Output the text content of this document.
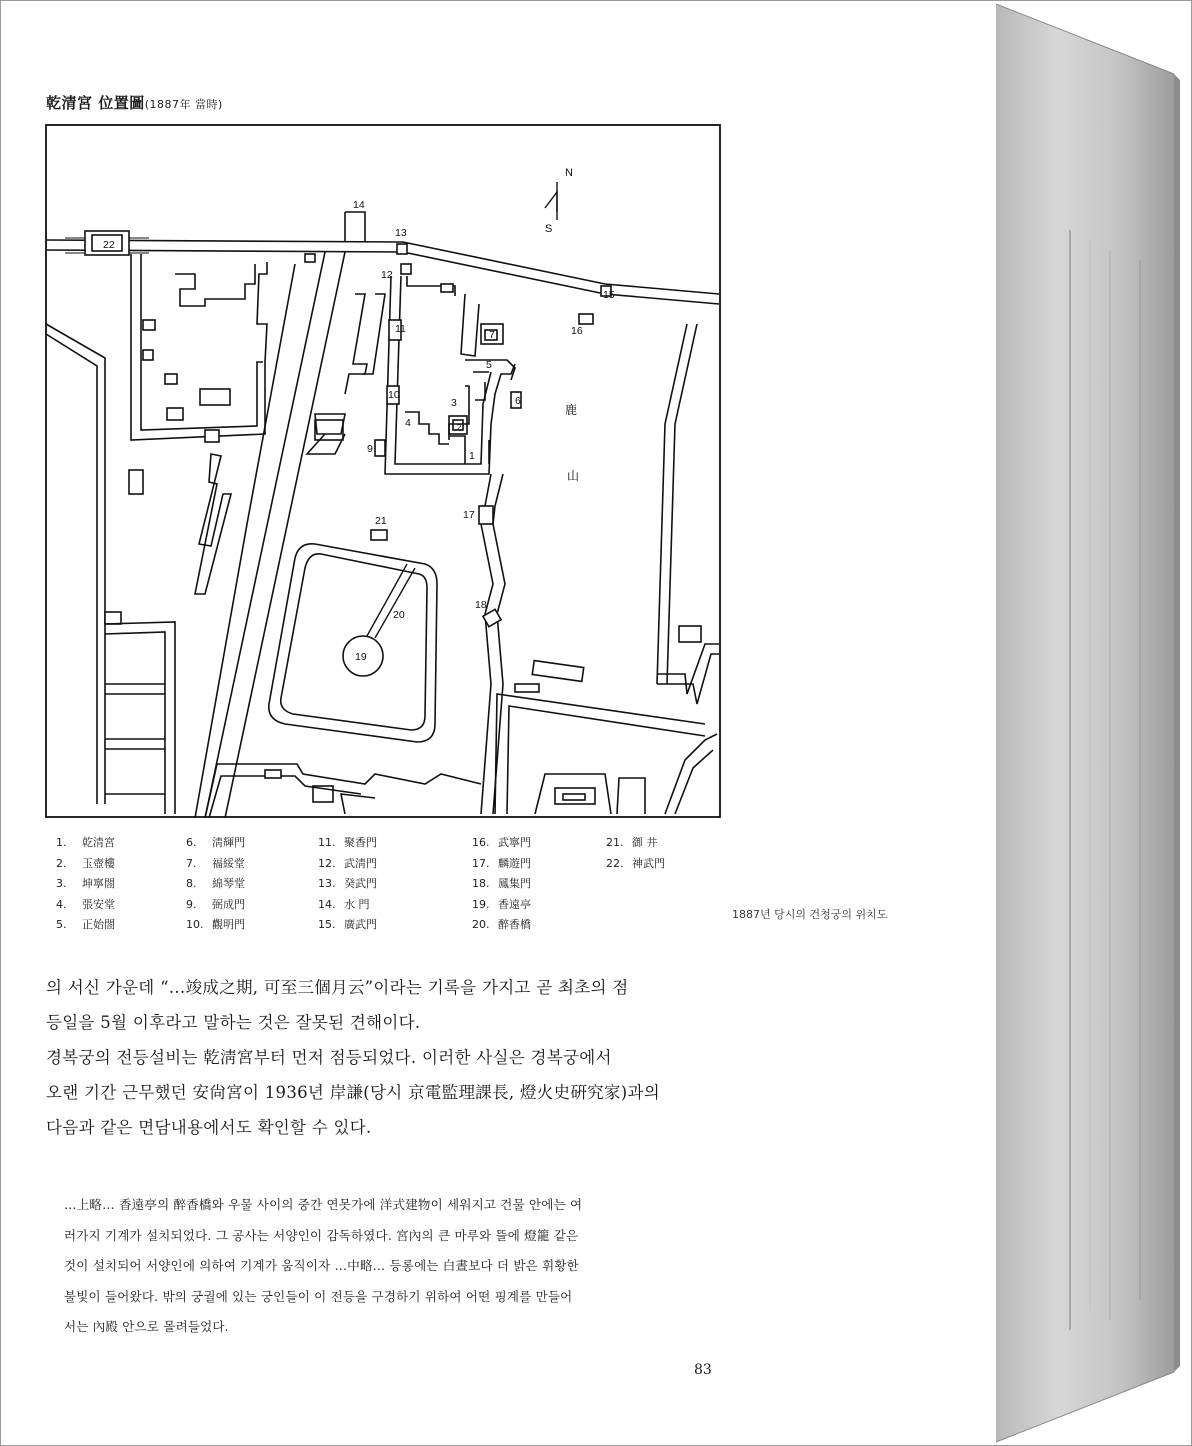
乾清宮 位置圖(1887年 當時)
N
S
22
1
2
3
4
5
6
7
9
10
11
12
13
14
15
16
17
18
19
20
21
鹿
山
1. 乾清宮
2. 玉壺樓
3. 坤寧閤
4. 張安堂
5. 正始閤
6. 淸輝門
7. 福綏堂
8. 綿琴堂
9. 弼成門
10. 觀明門
11. 聚香門
12. 武淸門
13. 癸武門
14. 水 門
15. 廣武門
16. 武寧門
17. 麟遊門
18. 鳳集門
19. 香遠亭
20. 醉香橋
21. 御 井
22. 神武門
1887년 당시의 건청궁의 위치도

의 서신 가운데 “…竣成之期, 可至三個月云”이라는 기록을 가지고 곧 최초의 점

등일을 5월 이후라고 말하는 것은 잘못된 견해이다.

경복궁의 전등설비는 乾淸宮부터 먼저 점등되었다. 이러한 사실은 경복궁에서

오랜 기간 근무했던 安尙宮이 1936년 岸謙(당시 京電監理課長, 燈火史硏究家)과의

다음과 같은 면담내용에서도 확인할 수 있다.

…上略… 香遠亭의 醉香橋와 우물 사이의 중간 연못가에 洋式建物이 세워지고 건물 안에는 여

러가지 기계가 설치되었다. 그 공사는 서양인이 감독하였다. 宮內의 큰 마루와 뜰에 燈籠 같은

것이 설치되어 서양인에 의하여 기계가 움직이자 …中略… 등롱에는 白晝보다 더 밝은 휘황한

불빛이 들어왔다. 밖의 궁궐에 있는 궁인들이 이 전등을 구경하기 위하여 어떤 핑계를 만들어

서는 內殿 안으로 몰려들었다.

83
